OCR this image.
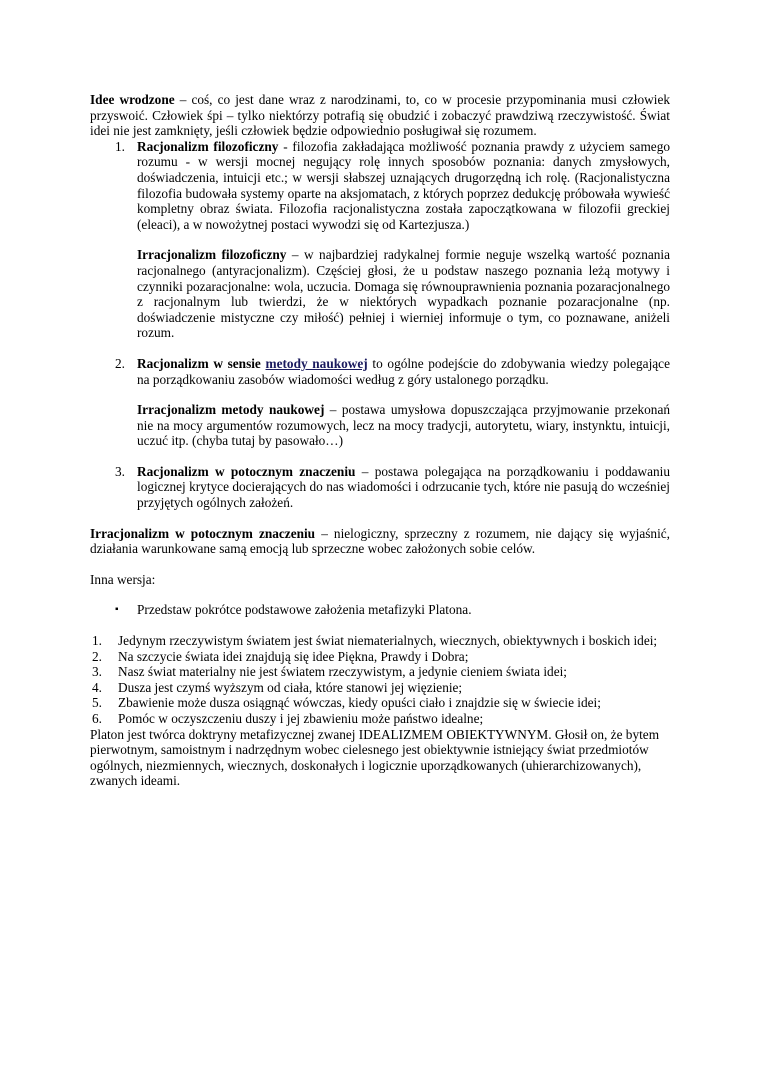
Idee wrodzone – coś, co jest dane wraz z narodzinami, to, co w procesie przypominania musi człowiek przyswoić. Człowiek śpi – tylko niektórzy potrafią się obudzić i zobaczyć prawdziwą rzeczywistość. Świat idei nie jest zamknięty, jeśli człowiek będzie odpowiednio posługiwał się rozumem.

1. Racjonalizm filozoficzny - filozofia zakładająca możliwość poznania prawdy z użyciem samego rozumu - w wersji mocnej negujący rolę innych sposobów poznania: danych zmysłowych, doświadczenia, intuicji etc.; w wersji słabszej uznających drugorzędną ich rolę. (Racjonalistyczna filozofia budowała systemy oparte na aksjomatach, z których poprzez dedukcję próbowała wywieść kompletny obraz świata. Filozofia racjonalistyczna została zapoczątkowana w filozofii greckiej (eleaci), a w nowożytnej postaci wywodzi się od Kartezjusza.)

Irracjonalizm filozoficzny – w najbardziej radykalnej formie neguje wszelką wartość poznania racjonalnego (antyracjonalizm). Częściej głosi, że u podstaw naszego poznania leżą motywy i czynniki pozaracjonalne: wola, uczucia. Domaga się równouprawnienia poznania pozaracjonalnego z racjonalnym lub twierdzi, że w niektórych wypadkach poznanie pozaracjonalne (np. doświadczenie mistyczne czy miłość) pełniej i wierniej informuje o tym, co poznawane, aniżeli rozum.

2. Racjonalizm w sensie metody naukowej to ogólne podejście do zdobywania wiedzy polegające na porządkowaniu zasobów wiadomości według z góry ustalonego porządku.

Irracjonalizm metody naukowej – postawa umysłowa dopuszczająca przyjmowanie przekonań nie na mocy argumentów rozumowych, lecz na mocy tradycji, autorytetu, wiary, instynktu, intuicji, uczuć itp. (chyba tutaj by pasowało…)

3. Racjonalizm w potocznym znaczeniu – postawa polegająca na porządkowaniu i poddawaniu logicznej krytyce docierających do nas wiadomości i odrzucanie tych, które nie pasują do wcześniej przyjętych ogólnych założeń.

Irracjonalizm w potocznym znaczeniu – nielogiczny, sprzeczny z rozumem, nie dający się wyjaśnić, działania warunkowane samą emocją lub sprzeczne wobec założonych sobie celów.

Inna wersja:

▪ Przedstaw pokrótce podstawowe założenia metafizyki Platona.

1. Jedynym rzeczywistym światem jest świat niematerialnych, wiecznych, obiektywnych i boskich idei;

2. Na szczycie świata idei znajdują się idee Piękna, Prawdy i Dobra;

3. Nasz świat materialny nie jest światem rzeczywistym, a jedynie cieniem świata idei;

4. Dusza jest czymś wyższym od ciała, które stanowi jej więzienie;

5. Zbawienie może dusza osiągnąć wówczas, kiedy opuści ciało i znajdzie się w świecie idei;

6. Pomóc w oczyszczeniu duszy i jej zbawieniu może państwo idealne;

Platon jest twórca doktryny metafizycznej zwanej IDEALIZMEM OBIEKTYWNYM. Głosił on, że bytem pierwotnym, samoistnym i nadrzędnym wobec cielesnego jest obiektywnie istniejący świat przedmiotów ogólnych, niezmiennych, wiecznych, doskonałych i logicznie uporządkowanych (uhierarchizowanych), zwanych ideami.
